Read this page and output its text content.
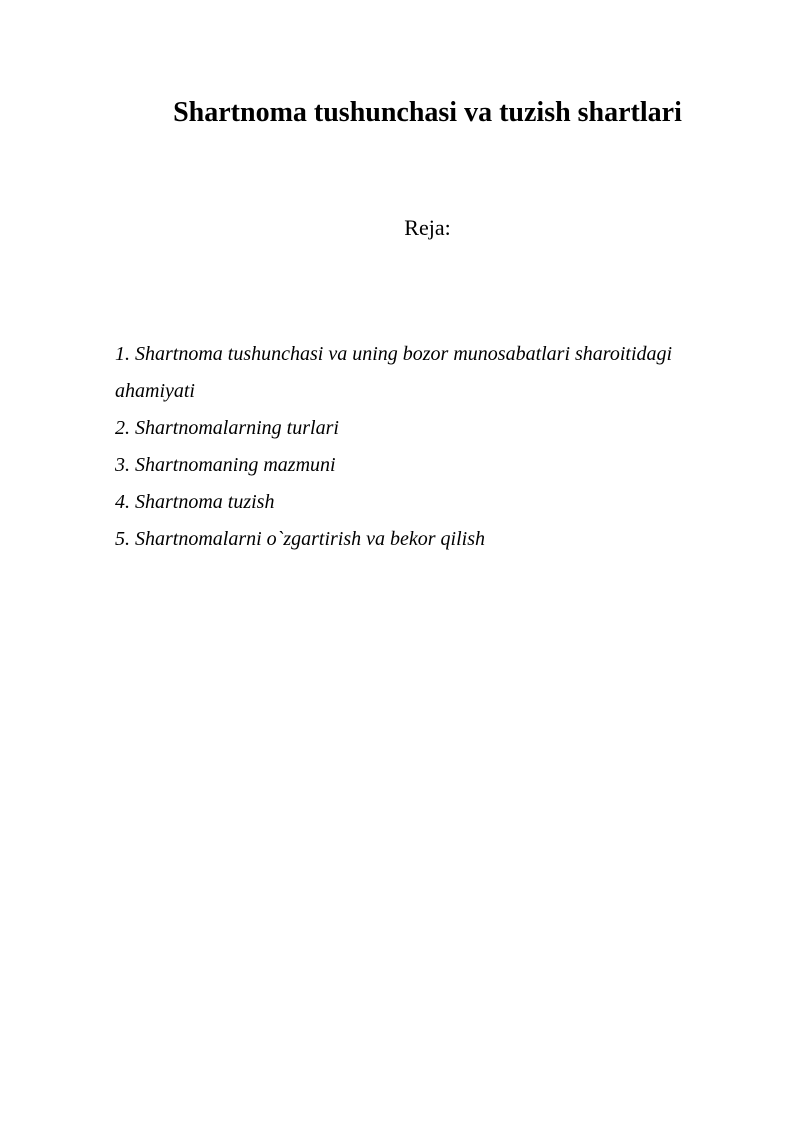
Shartnoma tushunchasi va tuzish shartlari
Reja:
1. Shartnoma tushunchasi va uning bozor munosabatlari sharoitidagi ahamiyati
2. Shartnomalarning turlari
3. Shartnomaning mazmuni
4. Shartnoma tuzish
5. Shartnomalarni o`zgartirish va bekor qilish
